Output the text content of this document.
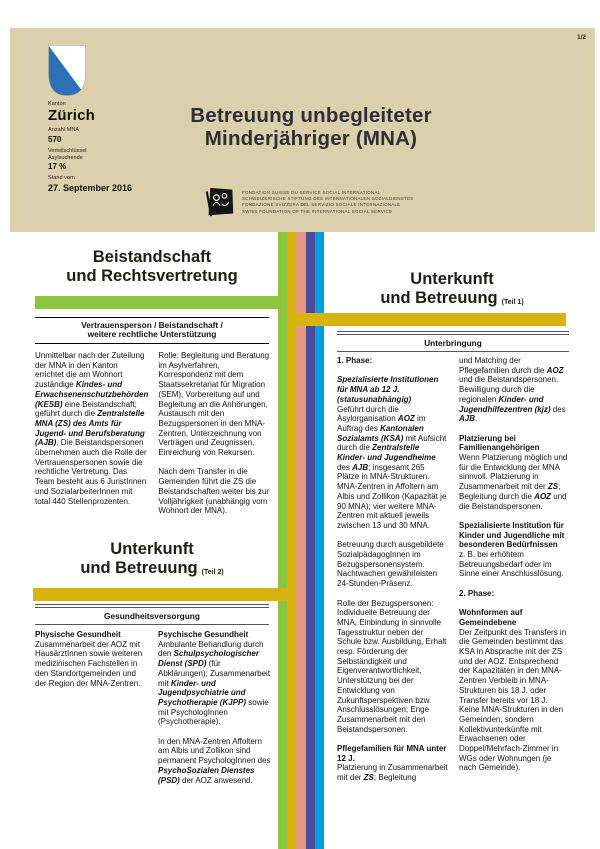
1/2
Kanton
Zürich
Anzahl MNA
570
Verteilschlüssel
Asylsuchende
17 %
Stand vom
27. September 2016
Betreuung unbegleiteter
Minderjähriger (MNA)
FONDATION SUISSE DU SERVICE SOCIAL INTERNATIONAL
SCHWEIZERISCHE STIFTUNG DES INTERNATIONALEN SOZIALDIENSTES
FONDAZIONE SVIZZERA DEL SERVIZIO SOCIALE INTERNAZIONALE
SWISS FOUNDATION OF THE INTERNATIONAL SOCIAL SERVICE
Beistandschaft
und Rechtsvertretung
Vertrauensperson / Beistandschaft /
weitere rechtliche Unterstützung

Unmittelbar nach der Zuteilung der MNA in den Kanton errichtet die am Wohnort zuständige Kindes- und Erwachsenenschutzbehörden (KESB) eine Beistandschaft; geführt durch die Zentralstelle MNA (ZS) des Amts für Jugend- und Berufsberatung (AJB). Die Beistandspersonen übernehmen auch die Rolle der Vertrauenspersonen sowie die rechtliche Vertretung. Das Team besteht aus 6 JuristInnen und SozialarbeiterInnen mit total 440 Stellenprozenten.

Rolle: Begleitung und Beratung im Asylverfahren, Korrespondenz mit dem Staatssekretariat für Migration (SEM), Vorbereitung auf und Begleitung an die Anhörungen, Austausch mit den Bezugspersonen in den MNA-Zentren, Unterzeichnung von Verträgen und Zeugnissen, Einreichung von Rekursen.

Nach dem Transfer in die Gemeinden führt die ZS die Beistandschaften weiter bis zur Volljährigkeit (unabhängig vom Wohnort der MNA).

Unterkunft
und Betreuung (Teil 2)
Gesundheitsversorgung

Physische Gesundheit

Zusammenarbeit der AOZ mit HausärztInnen sowie weiteren medizinischen Fachstellen in den Standortgemeinden und der Region der MNA-Zentren.

Psychische Gesundheit

Ambulante Behandlung durch den Schulpsychologischer Dienst (SPD) (für Abklärungen); Zusammenarbeit mit Kinder- und Jugendpsychiatrie und Psychotherapie (KJPP) sowie mit PsychologInnen (Psychotherapie).

In den MNA-Zentren Affoltern am Albis und Zollikon sind permanent PsychologInnen des PsychoSozialen Dienstes (PSD) der AOZ anwesend.

Unterkunft
und Betreuung (Teil 1)
Unterbringung

1. Phase:

Spezialisierte Institutionen für MNA ab 12 J. (statusunabhängig)

Geführt durch die Asylorganisation AOZ im Auftrag des Kantonalen Sozialamts (KSA) mit Aufsicht durch die Zentralstelle Kinder- und Jugendheime des AJB; insgesamt 265 Plätze in MNA-Strukturen. MNA-Zentren in Affoltern am Albis und Zollikon (Kapazität je 90 MNA); vier weitere MNA-Zentren mit aktuell jeweils zwischen 13 und 30 MNA.

Betreuung durch ausgebildete SozialpädagogInnen im Bezugspersonensystem. Nachtwachen gewährleisten 24-Stunden-Präsenz.

Rolle der Bezugspersonen: Individuelle Betreuung der MNA, Einbindung in sinnvolle Tagesstruktur neben der Schule bzw. Ausbildung, Erhalt resp. Förderung der Selbständigkeit und Eigenverantwortlichkeit, Unterstützung bei der Entwicklung von Zukunftsperspektiven bzw. Anschlusslösungen; Enge Zusammenarbeit mit den Beistandspersonen.

Pflegefamilien für MNA unter 12 J.

Platzierung in Zusammenarbeit mit der ZS; Begleitung

und Matching der Pflegefamilien durch die AOZ und die Beistandspersonen. Bewilligung durch die regionalen Kinder- und Jugendhilfezentren (kjz) des AJB.

Platzierung bei Familienangehörigen

Wenn Platzierung möglich und für die Entwicklung der MNA sinnvoll. Platzierung in Zusammenarbeit mit der ZS; Begleitung durch die AOZ und die Beistandspersonen.

Spezialisierte Institution für Kinder und Jugendliche mit besonderen Bedürfnissen

z. B. bei erhöhtem Betreuungsbedarf oder im Sinne einer Anschlusslösung.

2. Phase:

Wohnformen auf Gemeindebene

Der Zeitpunkt des Transfers in die Gemeinden bestimmt das KSA in Absprache mit der ZS und der AOZ. Entsprechend der Kapazitäten in den MNA-Zentren Verbleib in MNA-Strukturen bis 18 J. oder Transfer bereits vor 18 J.

Keine MNA-Strukturen in den Gemeinden, sondern Kollektivunterkünfte mit Erwachsenen oder Doppel/Mehrfach-Zimmer in WGs oder Wohnungen (je nach Gemeinde).
